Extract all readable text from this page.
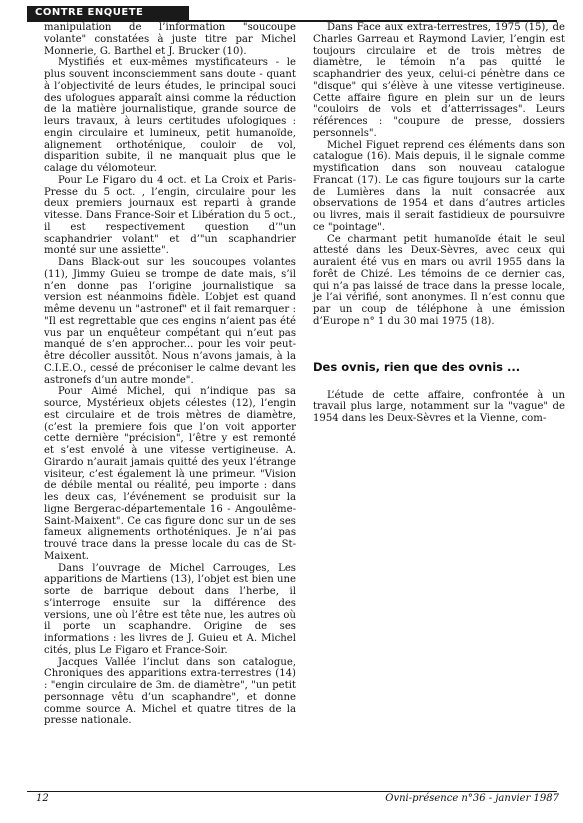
CONTRE ENQUETE

manipulation de l’information "soucoupe volante" constatées à juste titre par Michel Monnerie, G. Barthel et J. Brucker (10).

Mystifiés et eux-mêmes mystificateurs - le plus souvent inconsciemment sans doute - quant à l’objectivité de leurs études, le principal souci des ufologues apparaît ainsi comme la réduction de la matière journalistique, grande source de leurs travaux, à leurs certitudes ufologiques : engin circulaire et lumineux, petit humanoïde, alignement orthoténique, couloir de vol, disparition subite, il ne manquait plus que le calage du vélomoteur.

Pour Le Figaro du 4 oct. et La Croix et Paris-Presse du 5 oct. , l’engin, circulaire pour les deux premiers journaux est reparti à grande vitesse. Dans France-Soir et Libération du 5 oct., il est respectivement question d’"un scaphandrier volant" et d’"un scaphandrier monté sur une assiette".

Dans Black-out sur les soucoupes volantes (11), Jimmy Guieu se trompe de date mais, s’il n’en donne pas l’origine journalistique sa version est néanmoins fidèle. L’objet est quand même devenu un "astronef" et il fait remarquer : "Il est regrettable que ces engins n’aient pas été vus par un enquêteur compétant qui n’eut pas manqué de s’en approcher... pour les voir peut-être décoller aussitôt. Nous n’avons jamais, à la C.I.E.O., cessé de préconiser le calme devant les astronefs d’un autre monde".

Pour Aimé Michel, qui n’indique pas sa source, Mystérieux objets célestes (12), l’engin est circulaire et de trois mètres de diamètre, (c’est la premiere fois que l’on voit apporter cette dernière "précision", l’être y est remonté et s’est envolé à une vitesse vertigineuse. A. Girardo n’aurait jamais quitté des yeux l’étrange visiteur, c’est également là une primeur. "Vision de débile mental ou réalité, peu importe : dans les deux cas, l’événement se produisit sur la ligne Bergerac-départementale 16 - Angoulême-Saint-Maixent". Ce cas figure donc sur un de ses fameux alignements orthoténiques. Je n’ai pas trouvé trace dans la presse locale du cas de St-Maixent.

Dans l’ouvrage de Michel Carrouges, Les apparitions de Martiens (13), l’objet est bien une sorte de barrique debout dans l’herbe, il s’interroge ensuite sur la différence des versions, une où l’être est tête nue, les autres où il porte un scaphandre. Origine de ses informations : les livres de J. Guieu et A. Michel cités, plus Le Figaro et France-Soir.

Jacques Vallée l’inclut dans son catalogue, Chroniques des apparitions extra-terrestres (14) : "engin circulaire de 3m. de diamètre", "un petit personnage vêtu d’un scaphandre", et donne comme source A. Michel et quatre titres de la presse nationale.

Dans Face aux extra-terrestres, 1975 (15), de Charles Garreau et Raymond Lavier, l’engin est toujours circulaire et de trois mètres de diamètre, le témoin n’a pas quitté le scaphandrier des yeux, celui-ci pénètre dans ce "disque" qui s’élève à une vitesse vertigineuse. Cette affaire figure en plein sur un de leurs "couloirs de vols et d’atterrissages". Leurs références : "coupure de presse, dossiers personnels".

Michel Figuet reprend ces éléments dans son catalogue (16). Mais depuis, il le signale comme mystification dans son nouveau catalogue Francat (17). Le cas figure toujours sur la carte de Lumières dans la nuit consacrée aux observations de 1954 et dans d’autres articles ou livres, mais il serait fastidieux de poursuivre ce "pointage".

Ce charmant petit humanoïde était le seul attesté dans les Deux-Sèvres, avec ceux qui auraient été vus en mars ou avril 1955 dans la forêt de Chizé. Les témoins de ce dernier cas, qui n’a pas laissé de trace dans la presse locale, je l’ai vérifié, sont anonymes. Il n’est connu que par un coup de téléphone à une émission d’Europe n° 1 du 30 mai 1975 (18).

Des ovnis, rien que des ovnis ...

L’étude de cette affaire, confrontée à un travail plus large, notamment sur la "vague" de 1954 dans les Deux-Sèvres et la Vienne, com-

12	Ovni-présence n°36 - janvier 1987
